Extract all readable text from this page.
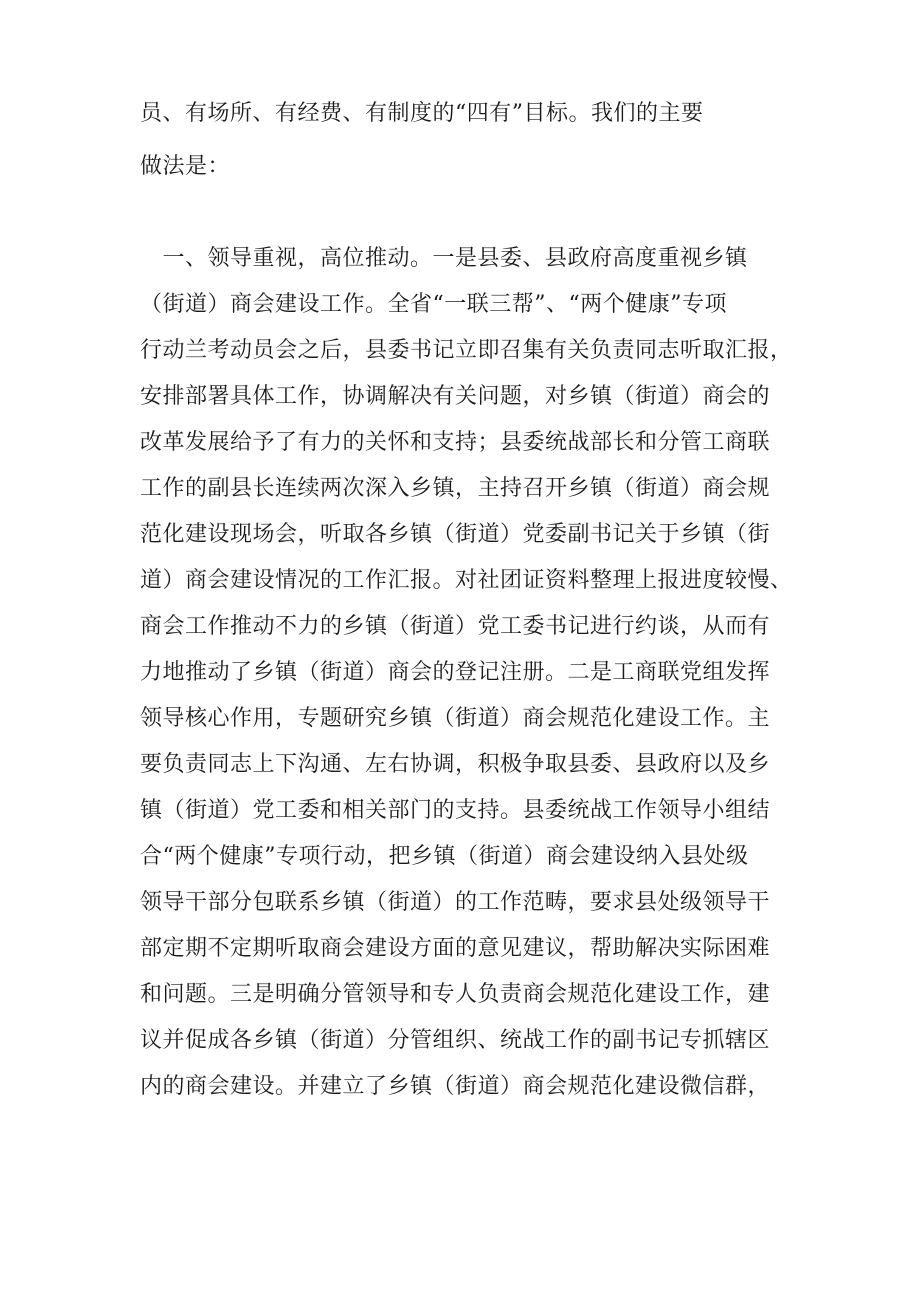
员、有场所、有经费、有制度的“四有”目标。我们的主要
做法是：
　一、领导重视，高位推动。一是县委、县政府高度重视乡镇
（街道）商会建设工作。全省“一联三帮”、“两个健康”专项
行动兰考动员会之后，县委书记立即召集有关负责同志听取汇报，
安排部署具体工作，协调解决有关问题，对乡镇（街道）商会的
改革发展给予了有力的关怀和支持；县委统战部长和分管工商联
工作的副县长连续两次深入乡镇，主持召开乡镇（街道）商会规
范化建设现场会，听取各乡镇（街道）党委副书记关于乡镇（街
道）商会建设情况的工作汇报。对社团证资料整理上报进度较慢、
商会工作推动不力的乡镇（街道）党工委书记进行约谈，从而有
力地推动了乡镇（街道）商会的登记注册。二是工商联党组发挥
领导核心作用，专题研究乡镇（街道）商会规范化建设工作。主
要负责同志上下沟通、左右协调，积极争取县委、县政府以及乡
镇（街道）党工委和相关部门的支持。县委统战工作领导小组结
合“两个健康”专项行动，把乡镇（街道）商会建设纳入县处级
领导干部分包联系乡镇（街道）的工作范畴，要求县处级领导干
部定期不定期听取商会建设方面的意见建议，帮助解决实际困难
和问题。三是明确分管领导和专人负责商会规范化建设工作，建
议并促成各乡镇（街道）分管组织、统战工作的副书记专抓辖区
内的商会建设。并建立了乡镇（街道）商会规范化建设微信群，
